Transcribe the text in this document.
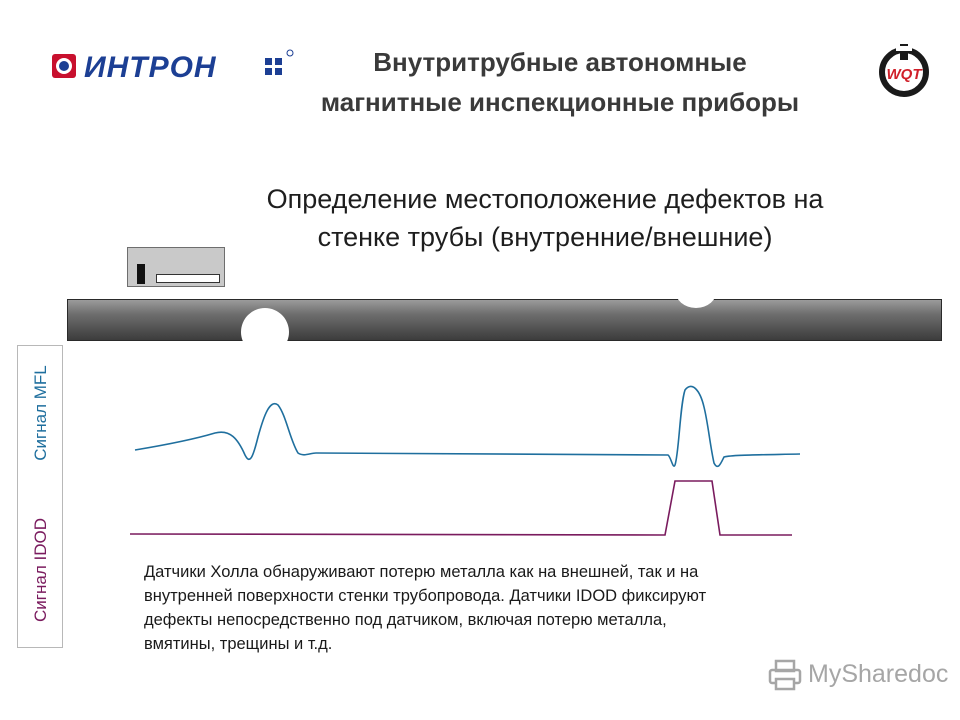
ИНТРОН	Внутритрубные автономные
магнитные инспекционные приборы
WQT
Определение местоположение дефектов на
стенке трубы (внутренние/внешние)
Сигнал MFL
Сигнал IDOD	Датчики Холла обнаруживают потерю металла как на внешней, так и на
внутренней поверхности стенки трубопровода. Датчики IDOD фиксируют
дефекты непосредственно под датчиком, включая потерю металла,
вмятины, трещины и т.д.
MySharedoc
